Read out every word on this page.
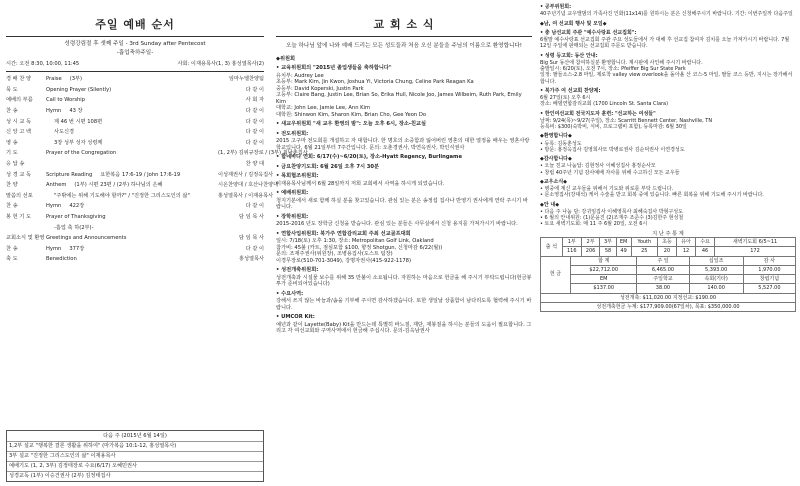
주일 예배 순서
성령강림절 후 셋째 주일 - 3rd Sunday after Pentecost
-흡업축하주일-
시간: 오전 8:30, 10:00, 11:45	사회: 이재용목사(1, 3) 홍성열목사(2)
경 배 찬 양	Praise (3부)	임마누엘찬양팀
묵 도	Opening Prayer (Silently)	다 같 이
예배의 부름	Call to Worship	사 회 자
찬 송	Hymn 43 장	다 같 이
성 시 교 독	제 46 번 시편 108편	다 같 이
신 앙 고 백	사도신경	다 같 이
영 송	3장 성부 성자 성령께	다 같 이
기 도	Prayer of the Congregation	(1, 2부) 김위규장로 / (3부) 최낙춘집사
응 답 송	찬 양 대
성 경 교 독	Scripture Reading 요한복음 17:6-19 / John 17:6-19	이성재권사 / 김정옥집사
찬 양	Anthem (1부) 시편 23편 / (2부) 하나님의 은혜	시온찬양대 / 호산나찬양대
말씀의 선포	"주밖에는 위해 기도해야 할까?" / "진정한 그리스도인의 삶"	홍성열목사 / 이재용목사
찬 송	Hymn 422장	다 같 이
봉 헌 기 도	Prayer of Thanksgiving	담 임 목 사
-흡업 축 하(2부)-
교회소식 및 환영 Greetings and Announcements	담 임 목 사
찬 송	Hymn 377장	다 같 이
축 도	Benediction	홍성열목사
다음 주 (2015년 6월 14일)
1,2부 설교 "행복한 결론 생활을 위하여" (마가복음 10:1-12, 홍성열목사)
3부 설교 "진정한 그리스도인의 삶" 이재용목사
예배기도 (1, 2, 3부) 김정태장로 수요(6/17) 오혜민권사
성경교독 (1부) 이승건권사 (2부) 김정태집사
교 회 소 식
오늘 하나님 앞에 나와 예배 드리는 모든 성도들과 처음 오신 분들을 주님의 이름으로 환영합니다!
◆위원회
• 교육위원회의 "2015년 졸업생들을 축하합니다"
유치부: Audrey Lee
초등부: Mark Kim, Jin Kwon, Joshua Yi, Victoria Chung, Celine Park Reagan Ka
중등부: David Koperski, Justin Park
고등부: Claire Bang, Justin Lee, Brian So, Erika Hull, Nicole Joo, James Wilbeim, Ruth Park, Emily Kim
대학교: John Lee, Jamie Lee, Ann Kim
대학원: Shinwon Kim, Sharon Kim, Brian Cho, Gee Yeon Do
• 새교우위원회 "새 교우 환영의 밤": 오늘 오후 6시, 장소-친교실
• 전도위원회:
2015 고구마 전도회를 개설하고 자 대합니다. 한 명호의 소중함과 잃어버린 영혼의 대한 열정을 배우는 영혼사랑 학교입니다. 6월 21일부터 7주간입니다. 문의: 오춘경권사, 박연옥권사, 박인식권사
• 합네바다 연회: 6/17(수)~6/20(토), 장소-Hyatt Regency, Burlingame
• 금요찬양기도회: 6월 26일 오후 7시 30분
• 목회협조위원회:
이재용목사님께서 6월 28일까지 저희 교회에서 사역을 하시게 되었습니다.
• 예배위원회:
청지기분에서 새로 함께 하실 분을 찾고있습니다. 관심 있는 분은 송정섭 집사나 반영기 권사에게 연락 주시기 바랍니다.
• 장학위원회:
2015-2016 년도 장학금 신청을 받습니다. 관심 있는 분들은 사무실에서 신청 용지를 가져가시기 바랍니다.
• 연합사업위원회: 북가주 연합감리교회 주최 선교골프대회
일시: 7/18(토) 오후 1:30, 장소: Metropolitan Golf Link, Oakland
참가비: 45불 (카트, 점심포함 $100, 향정 Shotgun, 신청마감 6/22(월))
문의: 조재주권사(위원장), 조병용집사(도스트 팀장)
이경무장로(510-701-3049), 강명자권사(415-922-1178)
• 성전개축위원회:
성전개축과 시설물 보수를 위해 35 만불이 소요됩니다. 자원하는 마음으로 헌금을 해 주시기 부탁드립니다(헌금봉투가 준비되어있습니다)
• 수요사역:
강해서 쓰지 않는 바늘과/솜을 기부해 주시면 감사하겠습니다. 또한 생일날 상품함이 남다리도록 협력해 주시기 바랍니다.
• UMCOR Kit:
예년과 같이 Layette(Baby) Kit을 만드는데 특별히 바느질, 재단, 재봉질을 하시는 분들의 도움이 필요합니다. 그리고 각 여선교회와 구역사역에서 헌금해 주십시다. 문의-김옥남권사
• 공부위원회:
40주년기념 교우앨범의 가족사진 인화(11x14)를 원하시는 분은 신청해주시기 바랍니다. 기간: 이번주일까 다음주일
◆남, 여 선교회 행사 및 모임◆
• 충 남선교회 주관 "예수사랑표 선교집회":
6월말 예수사랑표 선교집회 주관 주요 성도들에서 가 대해 후 선교집 참여자 김치를 오늘 가져가시기 바랍니다. 7월 12일 주일에 판매되는 선교집회 주문도 받습니다.
• 성령 등고회: 동산 안내:
Big Sur 동산에 참여하실분 환영합니다. 계시판에 사인해 주시기 바랍니다.
출발일시: 6/20(토), 오전 7시, 장소: Pfeiffer Big Sur State Park
일정: 팔들소스-2.8 마일, 제로착 valley view overlook을 돌아올 산 코스-5 마일, 팔들 코스 등반, 지시는 장가해서 합니다.
• 북가주 여 선교회 찬양제:
6월 27일(토) 오후 6시
장소: 베델연합감리교회 (1700 Lincoln St. Santa Clara)
• 한인여선교회 전국지도자 훈련: "선교하는 여성들"
날짜: 9/24(목)~9/27(주일), 장소: Scarritt Bennett Center, Nashville, TN
등록비: $300(숙박비, 식비, 프로그램비 포함), 등록마감: 6월 30일
◆환영합니다◆
• 등록: 김동춘성도
• 방문: 홍정옥집사 김영희사모 박병로권사 김순덕권사 이연경성도
◆감사합니다◆
• 오늘 친교 나눔답: 김현정사 이혜성집사 홍정순사모
• 창립 40주년 기념 감사예배 자사를 위해 수고하신 모든 교우들
◆교우소식◆
• 병중에 계신 교우들을 위해서 기도와 위로를 부탁 드립니다.
• 문소영집사(강대석) 케어 수술을 받고 회복 중에 있습니다. 빠른 회복을 위해 기도해 주시기 바랍니다.
◆안 내◆
• 다음 주 나눔 담: 강귀임집사 이혜영목사 최혜숙집사 박형구성도
• 6 월의 안내위원: (1)문윤진 (2)조재주 조준수 (3)김한주 현성철
• 토요 새벽기도회: 매 11 주 6월 20일, 오전 6시
지 난 주 통 계
출 석	1부	2부	3부	EM	Youth	초등	유아	수요	새벽기도회 6/5~11
	116	206	58	49	25	20	12	46	172
헌 금	합 계	주 일	십일조	감 사
	$22,712.00	6,465.00	5,393.00	1,970.00
	EM	주일학교	속회(기타)	창립기념
	$137.00	38.00	140.00	5,527.00
성전개축: $11,020.00 지정선교: $190.00				
성전개축헌금 누계: $177,909.00(67일차), 목표: $350,000.00				
